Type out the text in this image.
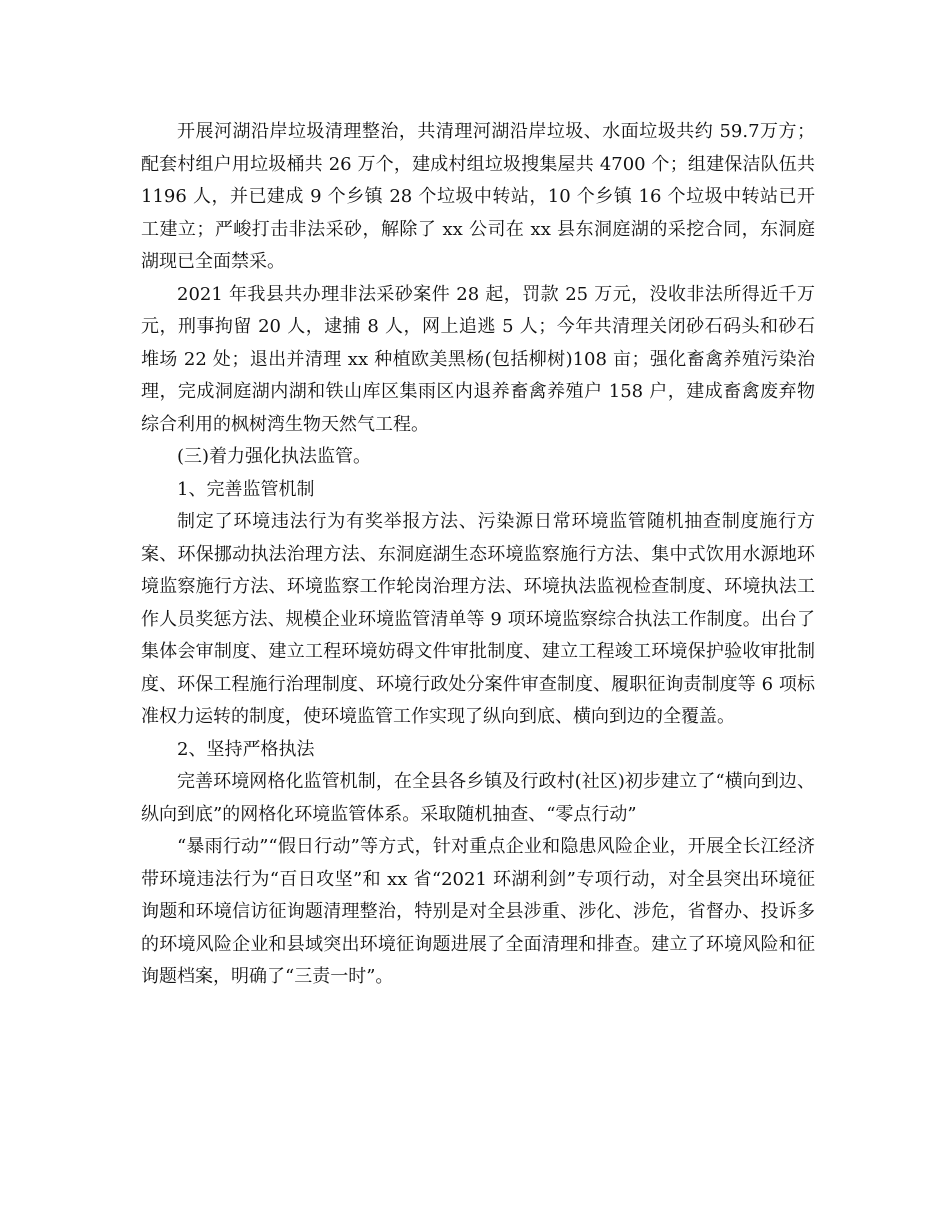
开展河湖沿岸垃圾清理整治，共清理河湖沿岸垃圾、水面垃圾共约 59.7万方；配套村组户用垃圾桶共 26 万个，建成村组垃圾搜集屋共 4700 个；组建保洁队伍共 1196 人，并已建成 9 个乡镇 28 个垃圾中转站，10 个乡镇 16 个垃圾中转站已开工建立；严峻打击非法采砂，解除了 xx 公司在 xx 县东洞庭湖的采挖合同，东洞庭湖现已全面禁采。

2021 年我县共办理非法采砂案件 28 起，罚款 25 万元，没收非法所得近千万元，刑事拘留 20 人，逮捕 8 人，网上追逃 5 人；今年共清理关闭砂石码头和砂石堆场 22 处；退出并清理 xx 种植欧美黑杨(包括柳树)108 亩；强化畜禽养殖污染治理，完成洞庭湖内湖和铁山库区集雨区内退养畜禽养殖户 158 户，建成畜禽废弃物综合利用的枫树湾生物天然气工程。

(三)着力强化执法监管。

1、完善监管机制

制定了环境违法行为有奖举报方法、污染源日常环境监管随机抽查制度施行方案、环保挪动执法治理方法、东洞庭湖生态环境监察施行方法、集中式饮用水源地环境监察施行方法、环境监察工作轮岗治理方法、环境执法监视检查制度、环境执法工作人员奖惩方法、规模企业环境监管清单等 9 项环境监察综合执法工作制度。出台了集体会审制度、建立工程环境妨碍文件审批制度、建立工程竣工环境保护验收审批制度、环保工程施行治理制度、环境行政处分案件审查制度、履职征询责制度等 6 项标准权力运转的制度，使环境监管工作实现了纵向到底、横向到边的全覆盖。

2、坚持严格执法

完善环境网格化监管机制，在全县各乡镇及行政村(社区)初步建立了“横向到边、纵向到底”的网格化环境监管体系。采取随机抽查、“零点行动”

“暴雨行动”“假日行动”等方式，针对重点企业和隐患风险企业，开展全长江经济带环境违法行为“百日攻坚”和 xx 省“2021 环湖利剑”专项行动，对全县突出环境征询题和环境信访征询题清理整治，特别是对全县涉重、涉化、涉危，省督办、投诉多的环境风险企业和县域突出环境征询题进展了全面清理和排查。建立了环境风险和征询题档案，明确了“三责一时”。
